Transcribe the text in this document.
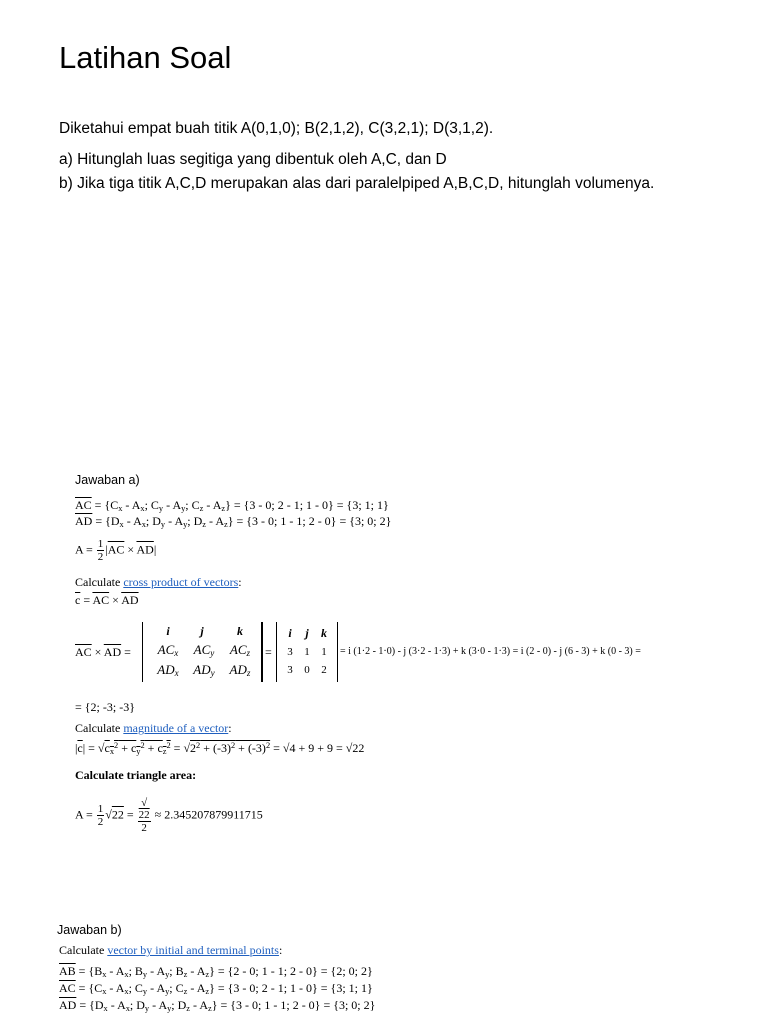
Latihan Soal
Diketahui empat buah titik A(0,1,0); B(2,1,2), C(3,2,1); D(3,1,2).
a) Hitunglah luas segitiga yang dibentuk oleh A,C, dan D
b) Jika tiga titik A,C,D merupakan alas dari paralelpiped A,B,C,D, hitunglah volumenya.
Jawaban a)
$\overline{AC} = \{C_x - A_x$; $C_y - A_y$; $C_z - A_z\} = \{3 - 0$; 2 - 1; 1 - 0} = {3; 1; 1}
$\overline{AD} = \{D_x - A_x$; $D_y - A_y$; $D_z - A_z\} = \{3 - 0$; 1 - 1; 2 - 0} = {3; 0; 2}
$A = \frac{1}{2} |\overline{AC} \times \overline{AD}|$
Calculate cross product of vectors:
$\overline{c} = \overline{AC} \times \overline{AD}$
$\overline{AC} \times \overline{AD}$ =
i	j	k
$AC_x$	$AC_y$	$AC_z$
$AD_x$	$AD_y$	$AD_z$
=
i	j	k
3	1	1
3	0	2
= i (1·2 - 1·0) - j (3·2 - 1·3) + k (3·0 - 1·3) = i (2 - 0) - j (6 - 3) + k (0 - 3) =
= {2; -3; -3}
Calculate magnitude of a vector:
$|\overline{c}| = √c_x^2 + c_y^2 + c_z^2 = √2^2 + (-3)^2 + (-3)^2 = √4 + 9 + 9 = √22$
Calculate triangle area:
$A = \frac{1}{2} √22$ = √
22
2 ≈ 2.345207879911715
Jawaban b)
Calculate vector by initial and terminal points:
$\overline{AB} = \{B_x - A_x$; $B_y - A_y$; $B_z - A_z\} = \{2 - 0$; 1 - 1; 2 - 0} = {2; 0; 2}
$\overline{AC} = \{C_x - A_x$; $C_y - A_y$; $C_z - A_z\} = \{3 - 0$; 2 - 1; 1 - 0} = {3; 1; 1}
$\overline{AD} = \{D_x - A_x$; $D_y - A_y$; $D_z - A_z\} = \{3 - 0$; 1 - 1; 2 - 0} = {3; 0; 2}
